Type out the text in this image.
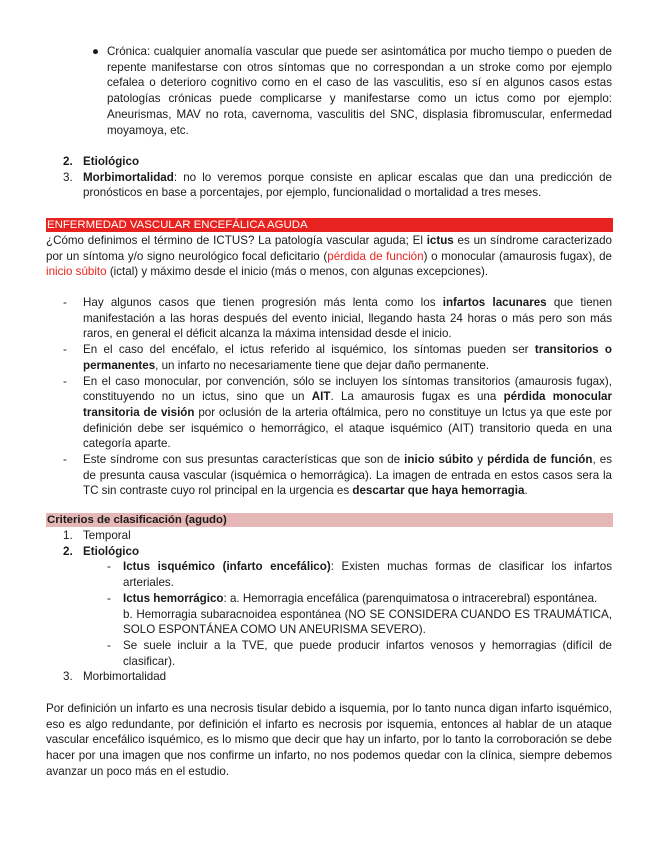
● Crónica: cualquier anomalía vascular que puede ser asintomática por mucho tiempo o pueden de repente manifestarse con otros síntomas que no correspondan a un stroke como por ejemplo cefalea o deterioro cognitivo como en el caso de las vasculitis, eso sí en algunos casos estas patologías crónicas puede complicarse y manifestarse como un ictus como por ejemplo: Aneurismas, MAV no rota, cavernoma, vasculitis del SNC, displasia fibromuscular, enfermedad moyamoya, etc.
2. Etiológico
3. Morbimortalidad: no lo veremos porque consiste en aplicar escalas que dan una predicción de pronósticos en base a porcentajes, por ejemplo, funcionalidad o mortalidad a tres meses.
ENFERMEDAD VASCULAR ENCEFÁLICA AGUDA
¿Cómo definimos el término de ICTUS? La patología vascular aguda; El ictus es un síndrome caracterizado por un síntoma y/o signo neurológico focal deficitario (pérdida de función) o monocular (amaurosis fugax), de inicio súbito (ictal) y máximo desde el inicio (más o menos, con algunas excepciones).
- Hay algunos casos que tienen progresión más lenta como los infartos lacunares que tienen manifestación a las horas después del evento inicial, llegando hasta 24 horas o más pero son más raros, en general el déficit alcanza la máxima intensidad desde el inicio.
- En el caso del encéfalo, el ictus referido al isquémico, los síntomas pueden ser transitorios o permanentes, un infarto no necesariamente tiene que dejar daño permanente.
- En el caso monocular, por convención, sólo se incluyen los síntomas transitorios (amaurosis fugax), constituyendo no un ictus, sino que un AIT. La amaurosis fugax es una pérdida monocular transitoria de visión por oclusión de la arteria oftálmica, pero no constituye un Ictus ya que este por definición debe ser isquémico o hemorrágico, el ataque isquémico (AIT) transitorio queda en una categoría aparte.
- Este síndrome con sus presuntas características que son de inicio súbito y pérdida de función, es de presunta causa vascular (isquémica o hemorrágica). La imagen de entrada en estos casos sera la TC sin contraste cuyo rol principal en la urgencia es descartar que haya hemorragia.
Criterios de clasificación (agudo)
1. Temporal
2. Etiológico
- Ictus isquémico (infarto encefálico): Existen muchas formas de clasificar los infartos arteriales.
- Ictus hemorrágico: a. Hemorragia encefálica (parenquimatosa o intracerebral) espontánea.
b. Hemorragia subaracnoidea espontánea (NO SE CONSIDERA CUANDO ES TRAUMÁTICA, SOLO ESPONTÁNEA COMO UN ANEURISMA SEVERO).
- Se suele incluir a la TVE, que puede producir infartos venosos y hemorragias (difícil de clasificar).
3. Morbimortalidad

Por definición un infarto es una necrosis tisular debido a isquemia, por lo tanto nunca digan infarto isquémico, eso es algo redundante, por definición el infarto es necrosis por isquemia, entonces al hablar de un ataque vascular encefálico isquémico, es lo mismo que decir que hay un infarto, por lo tanto la corroboración se debe hacer por una imagen que nos confirme un infarto, no nos podemos quedar con la clínica, siempre debemos avanzar un poco más en el estudio.
